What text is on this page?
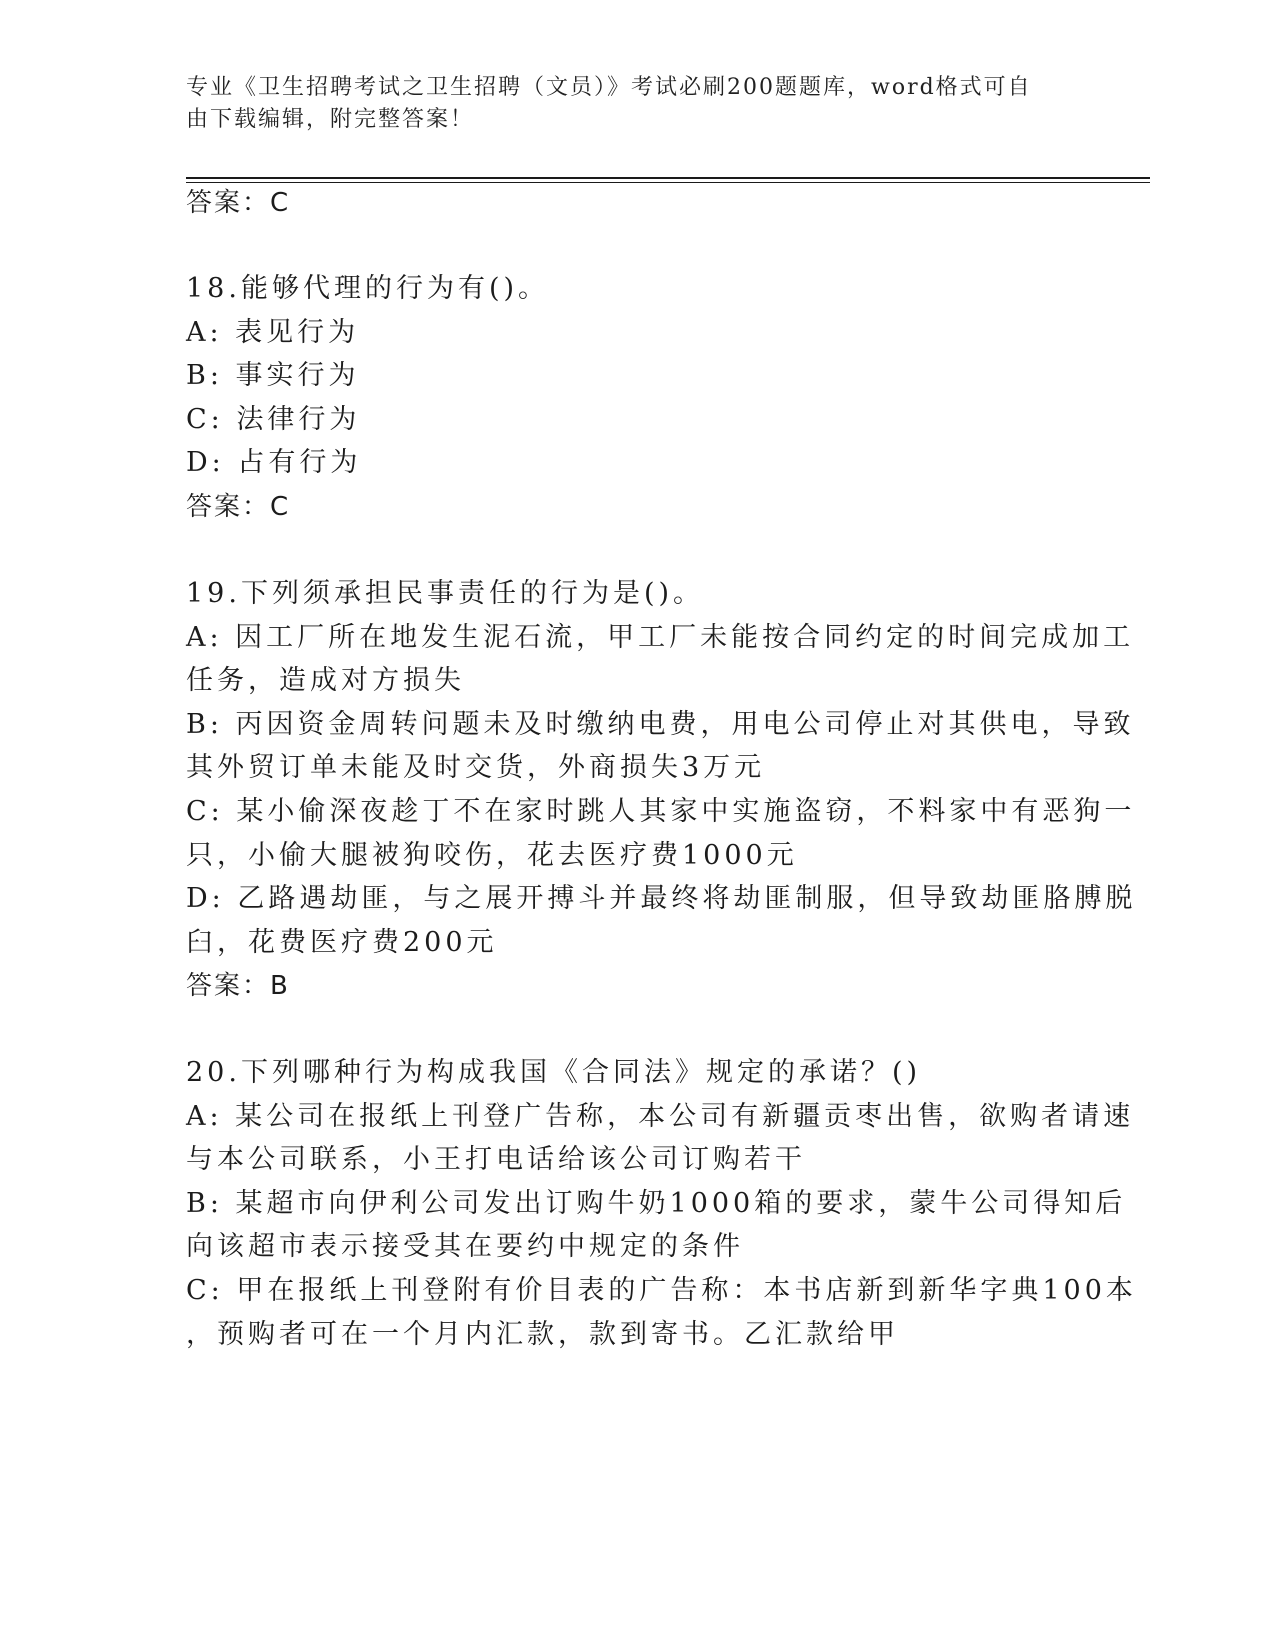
专业《卫生招聘考试之卫生招聘（文员）》考试必刷200题题库，word格式可自
由下载编辑，附完整答案！
答案：C
18.能够代理的行为有()。
A: 表见行为
B: 事实行为
C: 法律行为
D: 占有行为
答案：C
19.下列须承担民事责任的行为是()。
A: 因工厂所在地发生泥石流，甲工厂未能按合同约定的时间完成加工
任务，造成对方损失
B: 丙因资金周转问题未及时缴纳电费，用电公司停止对其供电，导致
其外贸订单未能及时交货，外商损失3万元
C: 某小偷深夜趁丁不在家时跳人其家中实施盗窃，不料家中有恶狗一
只，小偷大腿被狗咬伤，花去医疗费1000元
D: 乙路遇劫匪，与之展开搏斗并最终将劫匪制服，但导致劫匪胳膊脱
臼，花费医疗费200元
答案：B
20.下列哪种行为构成我国《合同法》规定的承诺？()
A: 某公司在报纸上刊登广告称，本公司有新疆贡枣出售，欲购者请速
与本公司联系，小王打电话给该公司订购若干
B: 某超市向伊利公司发出订购牛奶1000箱的要求，蒙牛公司得知后
向该超市表示接受其在要约中规定的条件
C: 甲在报纸上刊登附有价目表的广告称：本书店新到新华字典100本
，预购者可在一个月内汇款，款到寄书。乙汇款给甲
